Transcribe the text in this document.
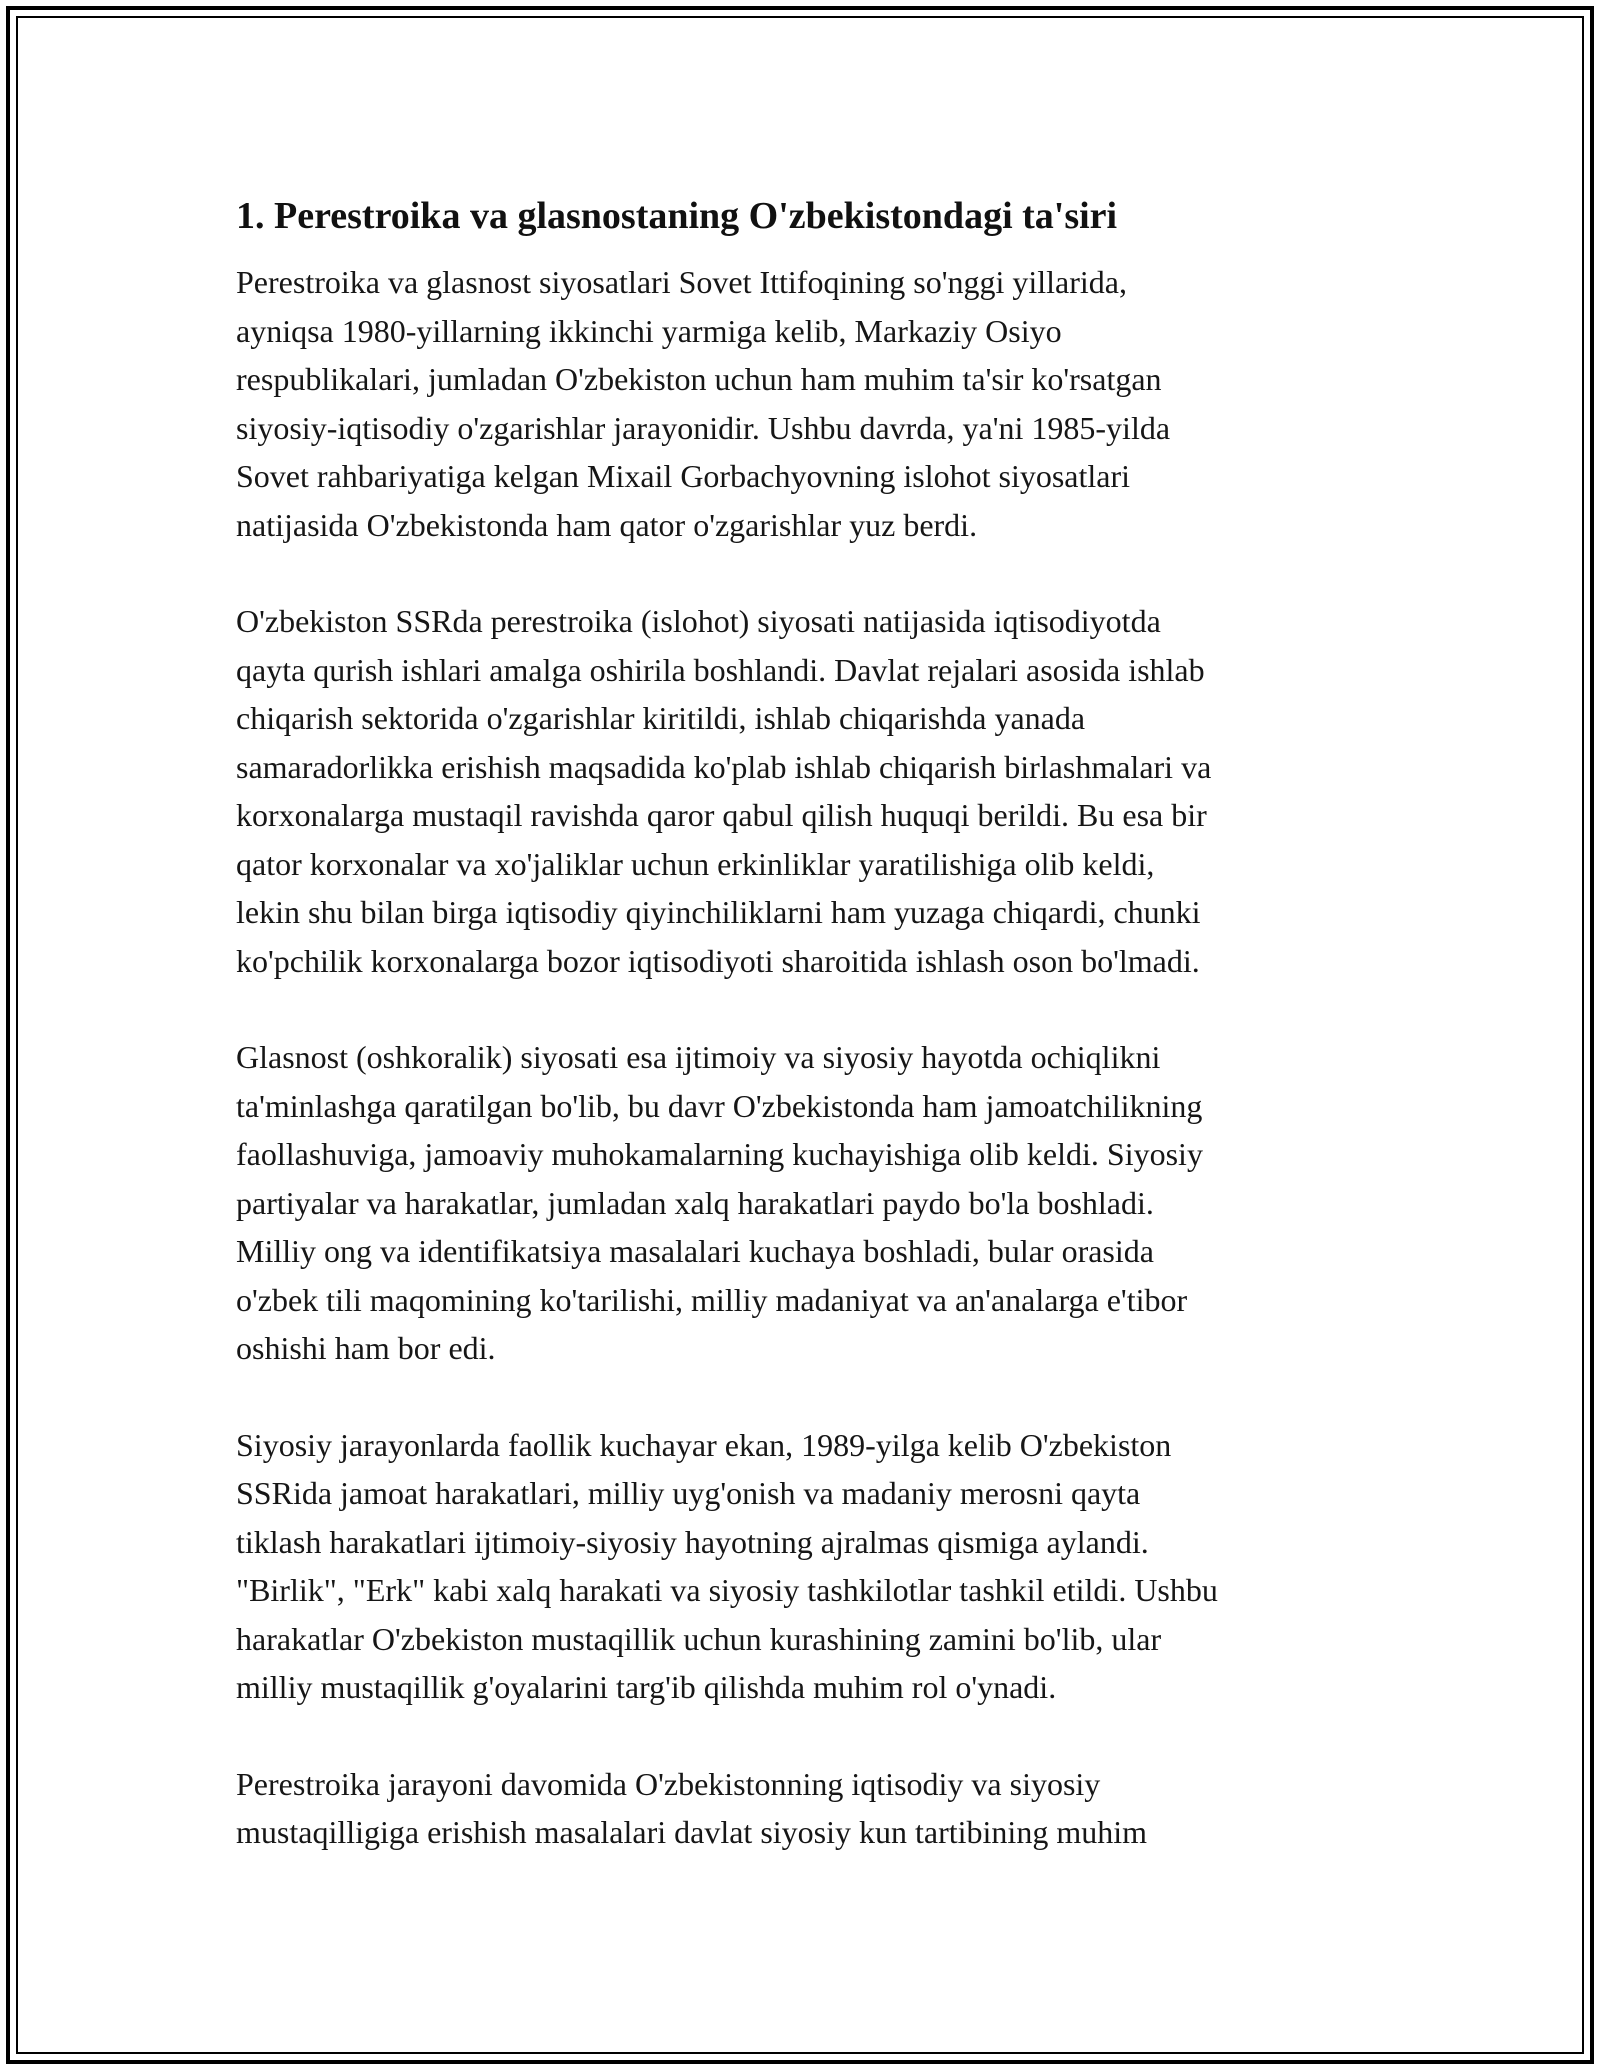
1. Perestroika va glasnostaning O'zbekistondagi ta'siri

Perestroika va glasnost siyosatlari Sovet Ittifoqining so'nggi yillarida,
ayniqsa 1980-yillarning ikkinchi yarmiga kelib, Markaziy Osiyo
respublikalari, jumladan O'zbekiston uchun ham muhim ta'sir ko'rsatgan
siyosiy-iqtisodiy o'zgarishlar jarayonidir. Ushbu davrda, ya'ni 1985-yilda
Sovet rahbariyatiga kelgan Mixail Gorbachyovning islohot siyosatlari
natijasida O'zbekistonda ham qator o'zgarishlar yuz berdi.

O'zbekiston SSRda perestroika (islohot) siyosati natijasida iqtisodiyotda
qayta qurish ishlari amalga oshirila boshlandi. Davlat rejalari asosida ishlab
chiqarish sektorida o'zgarishlar kiritildi, ishlab chiqarishda yanada
samaradorlikka erishish maqsadida ko'plab ishlab chiqarish birlashmalari va
korxonalarga mustaqil ravishda qaror qabul qilish huquqi berildi. Bu esa bir
qator korxonalar va xo'jaliklar uchun erkinliklar yaratilishiga olib keldi,
lekin shu bilan birga iqtisodiy qiyinchiliklarni ham yuzaga chiqardi, chunki
ko'pchilik korxonalarga bozor iqtisodiyoti sharoitida ishlash oson bo'lmadi.

Glasnost (oshkoralik) siyosati esa ijtimoiy va siyosiy hayotda ochiqlikni
ta'minlashga qaratilgan bo'lib, bu davr O'zbekistonda ham jamoatchilikning
faollashuviga, jamoaviy muhokamalarning kuchayishiga olib keldi. Siyosiy
partiyalar va harakatlar, jumladan xalq harakatlari paydo bo'la boshladi.
Milliy ong va identifikatsiya masalalari kuchaya boshladi, bular orasida
o'zbek tili maqomining ko'tarilishi, milliy madaniyat va an'analarga e'tibor
oshishi ham bor edi.

Siyosiy jarayonlarda faollik kuchayar ekan, 1989-yilga kelib O'zbekiston
SSRida jamoat harakatlari, milliy uyg'onish va madaniy merosni qayta
tiklash harakatlari ijtimoiy-siyosiy hayotning ajralmas qismiga aylandi.
"Birlik", "Erk" kabi xalq harakati va siyosiy tashkilotlar tashkil etildi. Ushbu
harakatlar O'zbekiston mustaqillik uchun kurashining zamini bo'lib, ular
milliy mustaqillik g'oyalarini targ'ib qilishda muhim rol o'ynadi.

Perestroika jarayoni davomida O'zbekistonning iqtisodiy va siyosiy
mustaqilligiga erishish masalalari davlat siyosiy kun tartibining muhim
